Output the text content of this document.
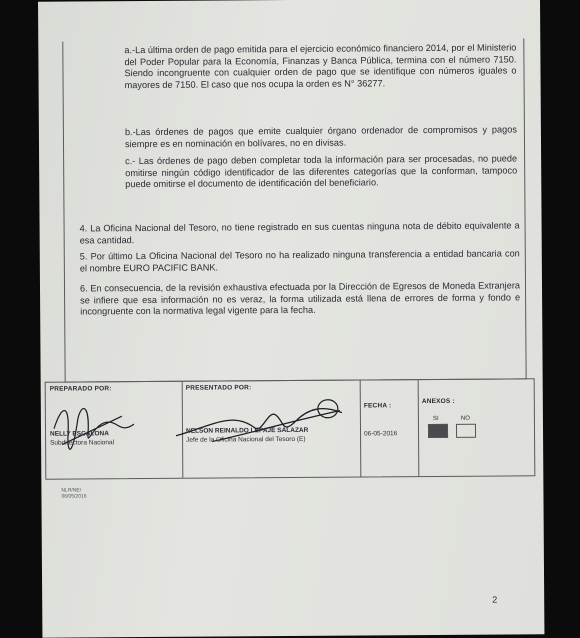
a.-La última orden de pago emitida para el ejercicio económico financiero 2014, por el Ministerio del Poder Popular para la Economía, Finanzas y Banca Pública, termina con el número 7150. Siendo incongruente con cualquier orden de pago que se identifique con números iguales o mayores de 7150. El caso que nos ocupa la orden es N° 36277.
b.-Las órdenes de pagos que emite cualquier órgano ordenador de compromisos y pagos siempre es en nominación en bolívares, no en divisas.
c.- Las órdenes de pago deben completar toda la información para ser procesadas, no puede omitirse ningún código identificador de las diferentes categorías que la conforman, tampoco puede omitirse el documento de identificación del beneficiario.
4. La Oficina Nacional del Tesoro, no tiene registrado en sus cuentas ninguna nota de débito equivalente a esa cantidad.
5. Por último La Oficina Nacional del Tesoro no ha realizado ninguna transferencia a entidad bancaria con el nombre EURO PACIFIC BANK.
6. En consecuencia, de la revisión exhaustiva efectuada por la Dirección de Egresos de Moneda Extranjera se infiere que esa información no es veraz, la forma utilizada está llena de errores de forma y fondo e incongruente con la normativa legal vigente para la fecha.
PREPARADO POR:
NELLY ESCALONA
Subdirectora Nacional
PRESENTADO POR:
NELSON REINALDO LEPAJE SALAZAR
Jefe de la Oficina Nacional del Tesoro (E)
FECHA :
06-05-2016
ANEXOS :
SI	NO
NLR/NE/
06/05/2016
2
